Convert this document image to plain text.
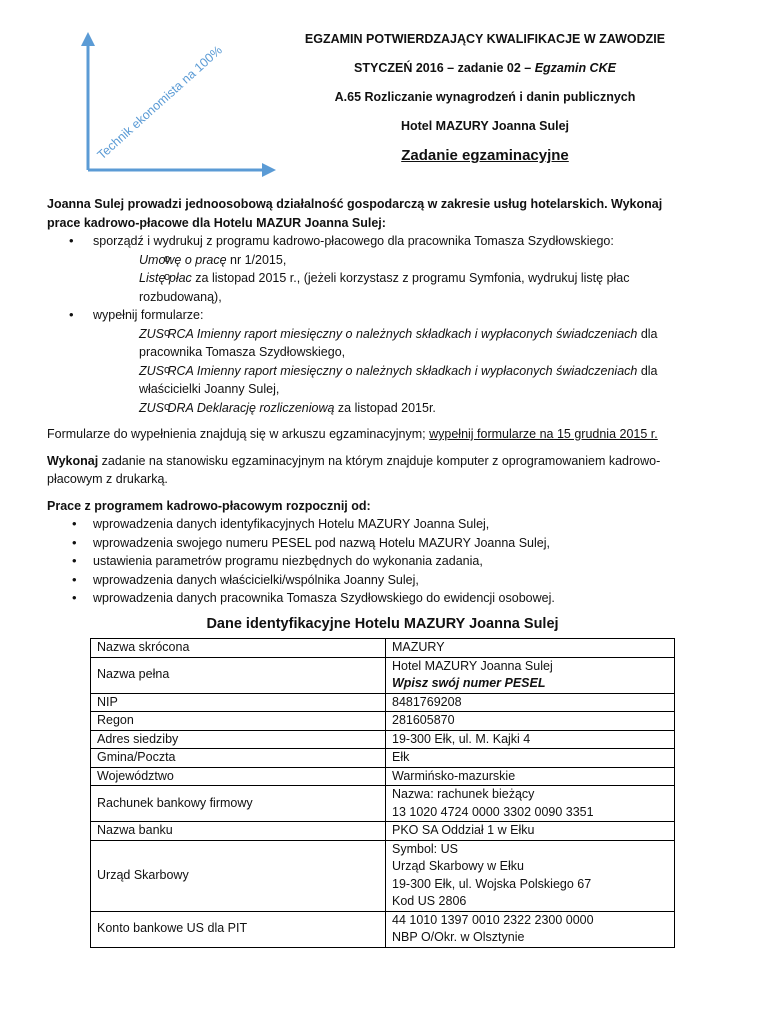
Technik ekonomista na 100%
EGZAMIN POTWIERDZAJĄCY KWALIFIKACJE W ZAWODZIE
STYCZEŃ 2016 – zadanie 02 – Egzamin CKE
A.65 Rozliczanie wynagrodzeń i danin publicznych
Hotel MAZURY Joanna Sulej
Zadanie egzaminacyjne

Joanna Sulej prowadzi jednoosobową działalność gospodarczą w zakresie usług hotelarskich. Wykonaj prace kadrowo-płacowe dla Hotelu MAZUR Joanna Sulej:

• sporządź i wydrukuj z programu kadrowo-płacowego dla pracownika Tomasza Szydłowskiego:
o Umowę o pracę nr 1/2015,
o Listę płac za listopad 2015 r., (jeżeli korzystasz z programu Symfonia, wydrukuj listę płac rozbudowaną),
• wypełnij formularze:
o ZUS RCA Imienny raport miesięczny o należnych składkach i wypłaconych świadczeniach dla pracownika Tomasza Szydłowskiego,
o ZUS RCA Imienny raport miesięczny o należnych składkach i wypłaconych świadczeniach dla właścicielki Joanny Sulej,
o ZUS DRA Deklarację rozliczeniową za listopad 2015r.

Formularze do wypełnienia znajdują się w arkuszu egzaminacyjnym; wypełnij formularze na 15 grudnia 2015 r.

Wykonaj zadanie na stanowisku egzaminacyjnym na którym znajduje komputer z oprogramowaniem kadrowo-płacowym z drukarką.

Prace z programem kadrowo-płacowym rozpocznij od:

• wprowadzenia danych identyfikacyjnych Hotelu MAZURY Joanna Sulej,
• wprowadzenia swojego numeru PESEL pod nazwą Hotelu MAZURY Joanna Sulej,
• ustawienia parametrów programu niezbędnych do wykonania zadania,
• wprowadzenia danych właścicielki/wspólnika Joanny Sulej,
• wprowadzenia danych pracownika Tomasza Szydłowskiego do ewidencji osobowej.
Dane identyfikacyjne Hotelu MAZURY Joanna Sulej
Nazwa skrócona	MAZURY

Nazwa pełna	Hotel MAZURY Joanna Sulej
Wpisz swój numer PESEL

NIP	8481769208

Regon	281605870

Adres siedziby	19-300 Ełk, ul. M. Kajki 4

Gmina/Poczta	Ełk

Województwo	Warmińsko-mazurskie

Rachunek bankowy firmowy	Nazwa: rachunek bieżący
13 1020 4724 0000 3302 0090 3351

Nazwa banku	PKO SA Oddział 1 w Ełku

Urząd Skarbowy	Symbol: US
Urząd Skarbowy w Ełku
19-300 Ełk, ul. Wojska Polskiego 67
Kod US 2806

Konto bankowe US dla PIT	44 1010 1397 0010 2322 2300 0000
NBP O/Okr. w Olsztynie
